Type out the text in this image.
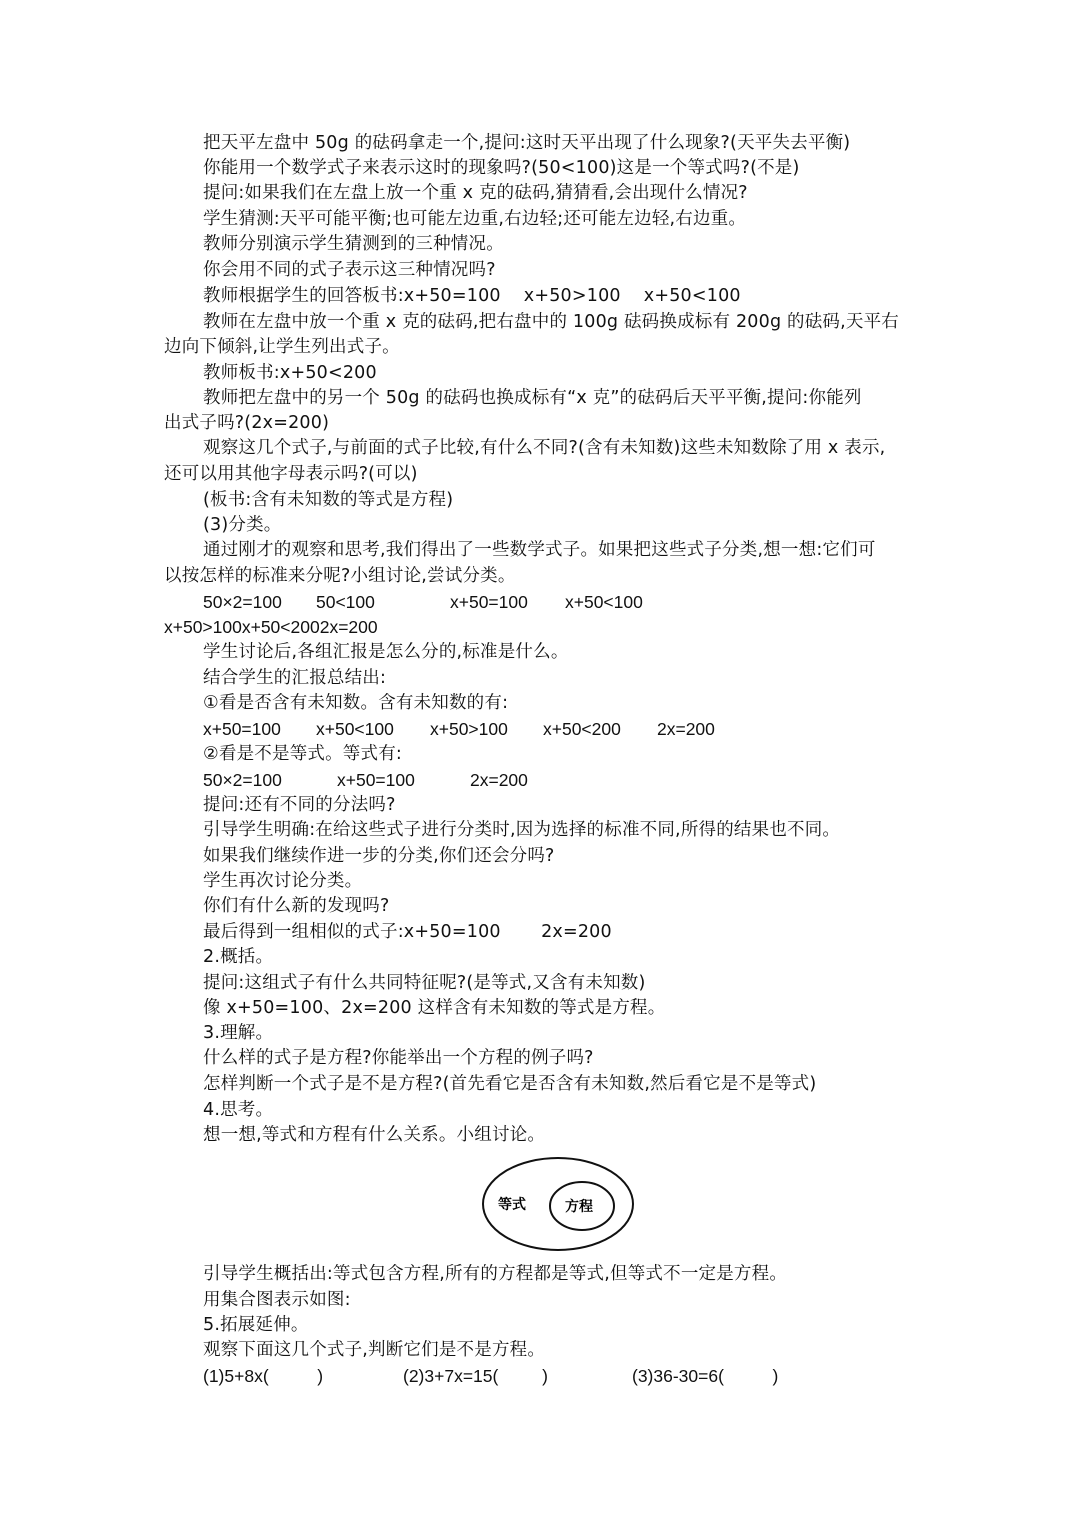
把天平左盘中 50g 的砝码拿走一个,提问:这时天平出现了什么现象?(天平失去平衡)
你能用一个数学式子来表示这时的现象吗?(50<100)这是一个等式吗?(不是)
提问:如果我们在左盘上放一个重 x 克的砝码,猜猜看,会出现什么情况?
学生猜测:天平可能平衡;也可能左边重,右边轻;还可能左边轻,右边重。
教师分别演示学生猜测到的三种情况。
你会用不同的式子表示这三种情况吗?
教师根据学生的回答板书:x+50=100    x+50>100    x+50<100
教师在左盘中放一个重 x 克的砝码,把右盘中的 100g 砝码换成标有 200g 的砝码,天平右
边向下倾斜,让学生列出式子。
教师板书:x+50<200
教师把左盘中的另一个 50g 的砝码也换成标有“x 克”的砝码后天平平衡,提问:你能列
出式子吗?(2x=200)
观察这几个式子,与前面的式子比较,有什么不同?(含有未知数)这些未知数除了用 x 表示,
还可以用其他字母表示吗?(可以)
(板书:含有未知数的等式是方程)
(3)分类。
通过刚才的观察和思考,我们得出了一些数学式子。如果把这些式子分类,想一想:它们可
以按怎样的标准来分呢?小组讨论,尝试分类。
50×2=100 50<100	x+50=100 x+50<100
x+50>100x+50<2002x=200
学生讨论后,各组汇报是怎么分的,标准是什么。
结合学生的汇报总结出:
①看是否含有未知数。含有未知数的有:
x+50=100 x+50<100 x+50>100 x+50<200 2x=200
②看是不是等式。等式有:
50×2=100	x+50=100	2x=200
提问:还有不同的分法吗?
引导学生明确:在给这些式子进行分类时,因为选择的标准不同,所得的结果也不同。
如果我们继续作进一步的分类,你们还会分吗?
学生再次讨论分类。
你们有什么新的发现吗?
最后得到一组相似的式子:x+50=100       2x=200
2.概括。
提问:这组式子有什么共同特征呢?(是等式,又含有未知数)
像 x+50=100、2x=200 这样含有未知数的等式是方程。
3.理解。
什么样的式子是方程?你能举出一个方程的例子吗?
怎样判断一个式子是不是方程?(首先看它是否含有未知数,然后看它是不是等式)
4.思考。
想一想,等式和方程有什么关系。小组讨论。
等式	方程
引导学生概括出:等式包含方程,所有的方程都是等式,但等式不一定是方程。
用集合图表示如图:
5.拓展延伸。
观察下面这几个式子,判断它们是不是方程。
(1)5+8x(          )	(2)3+7x=15(         )	(3)36-30=6(          )
